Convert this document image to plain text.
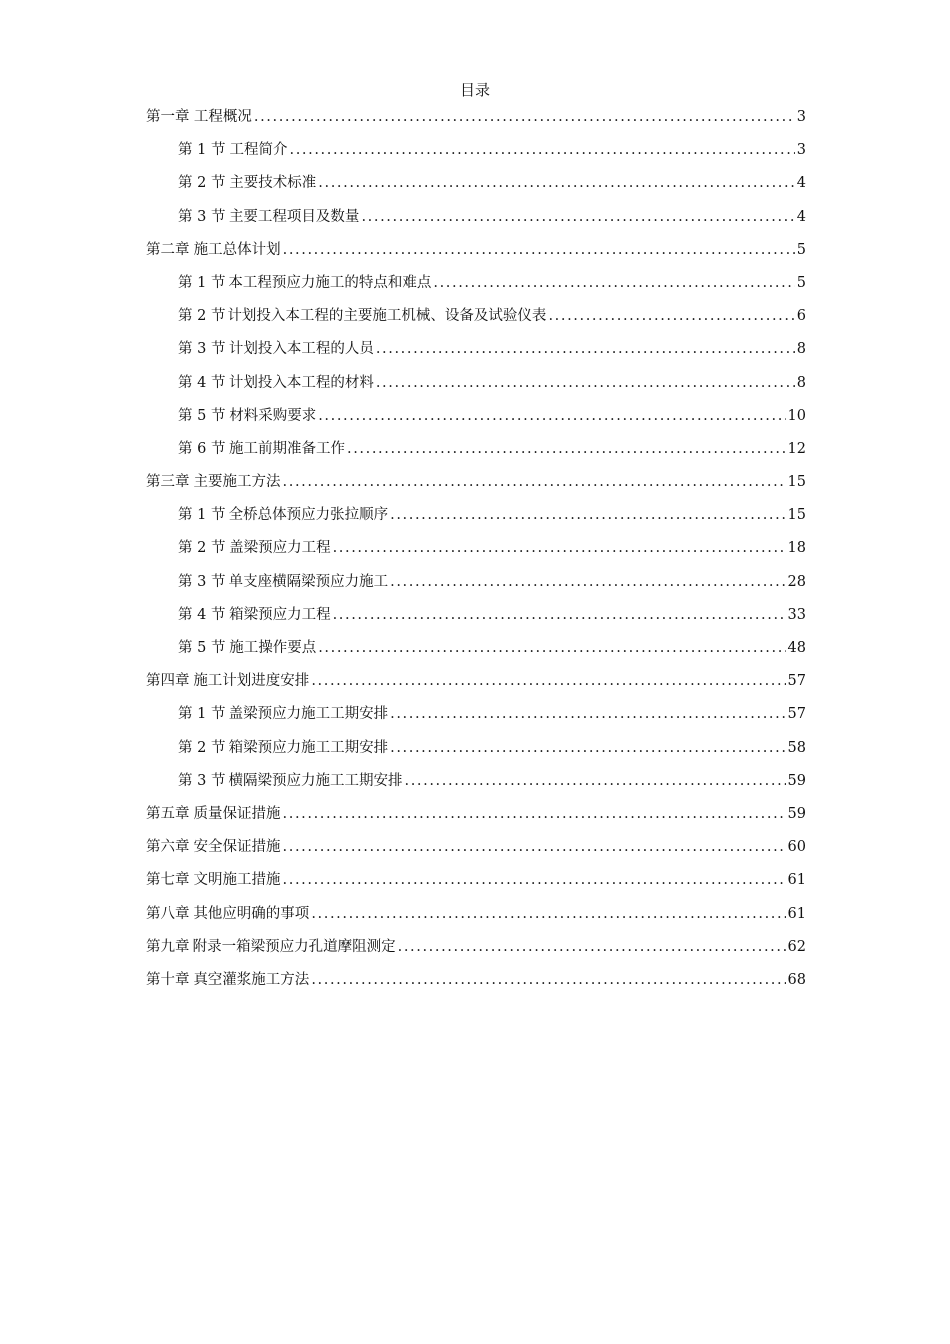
目录
第一章 工程概况 .....	3
第 1 节 工程简介 .....	3
第 2 节 主要技术标准 .....	4
第 3 节 主要工程项目及数量 .....	4
第二章 施工总体计划 .....	5
第 1 节 本工程预应力施工的特点和难点 .....	5
第 2 节 计划投入本工程的主要施工机械、设备及试验仪表 .....	6
第 3 节 计划投入本工程的人员 .....	8
第 4 节 计划投入本工程的材料 .....	8
第 5 节 材料采购要求 .....	10
第 6 节 施工前期准备工作 .....	12
第三章 主要施工方法 .....	15
第 1 节 全桥总体预应力张拉顺序 .....	15
第 2 节 盖梁预应力工程 .....	18
第 3 节 单支座横隔梁预应力施工 .....	28
第 4 节 箱梁预应力工程 .....	33
第 5 节 施工操作要点 .....	48
第四章 施工计划进度安排 .....	57
第 1 节 盖梁预应力施工工期安排 .....	57
第 2 节 箱梁预应力施工工期安排 .....	58
第 3 节 横隔梁预应力施工工期安排 .....	59
第五章 质量保证措施 .....	59
第六章 安全保证措施 .....	60
第七章 文明施工措施 .....	61
第八章 其他应明确的事项 .....	61
第九章 附录一箱梁预应力孔道摩阻测定 .....	62
第十章 真空灌浆施工方法 .....	68
